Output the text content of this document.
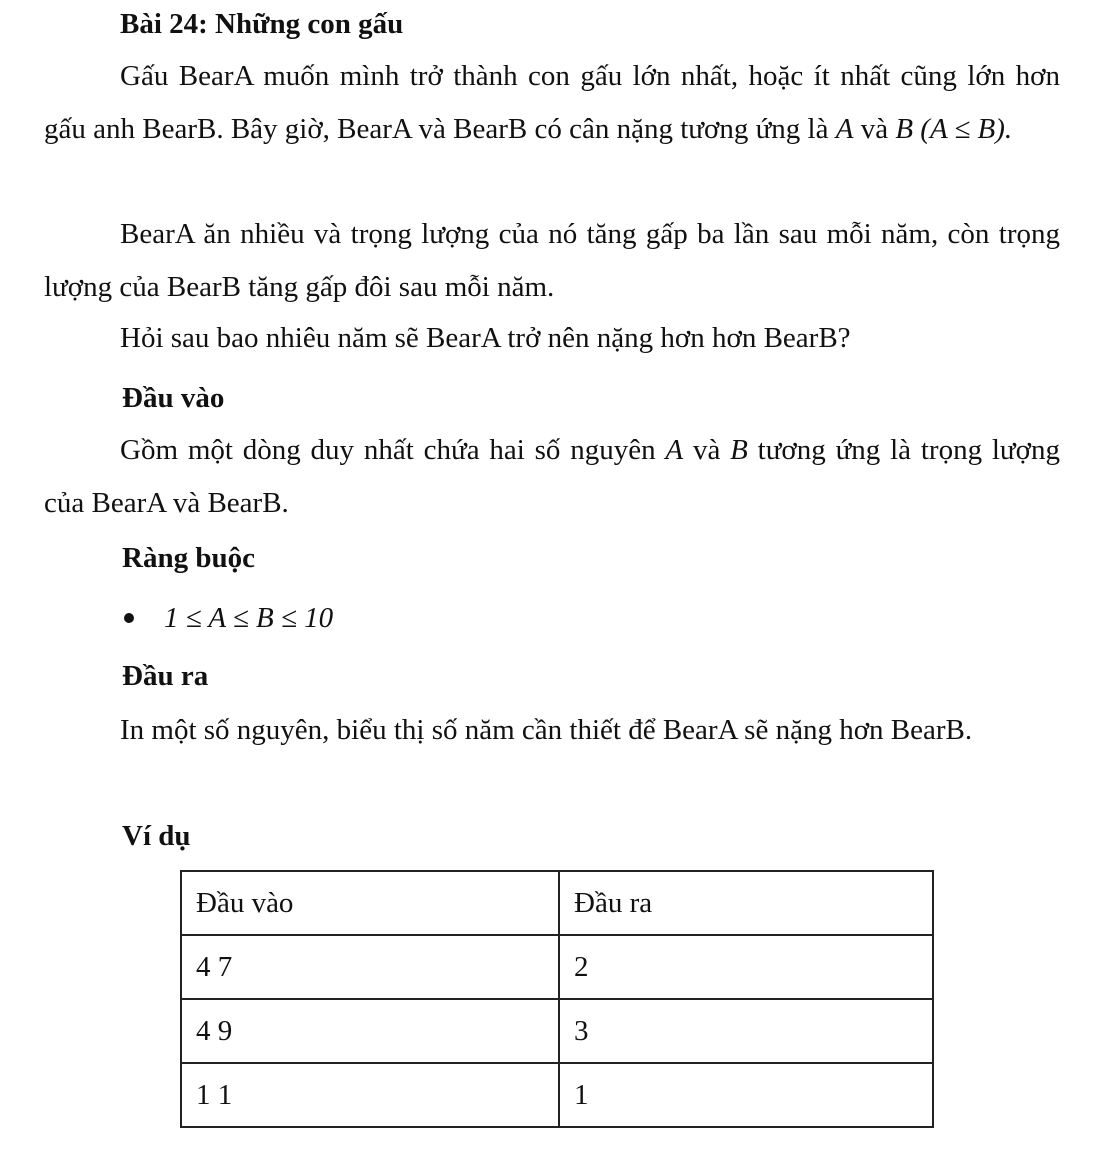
Bài 24: Những con gấu

Gấu BearA muốn mình trở thành con gấu lớn nhất, hoặc ít nhất cũng lớn hơn gấu anh BearB. Bây giờ, BearA và BearB có cân nặng tương ứng là A và B (A ≤ B).

BearA ăn nhiều và trọng lượng của nó tăng gấp ba lần sau mỗi năm, còn trọng lượng của BearB tăng gấp đôi sau mỗi năm.

Hỏi sau bao nhiêu năm sẽ BearA trở nên nặng hơn hơn BearB?

Đầu vào

Gồm một dòng duy nhất chứa hai số nguyên A và B tương ứng là trọng lượng của BearA và BearB.

Ràng buộc
1 ≤ A ≤ B ≤ 10
Đầu ra

In một số nguyên, biểu thị số năm cần thiết để BearA sẽ nặng hơn BearB.

Ví dụ
Đầu vào	Đầu ra
4 7	2
4 9	3
1 1	1
